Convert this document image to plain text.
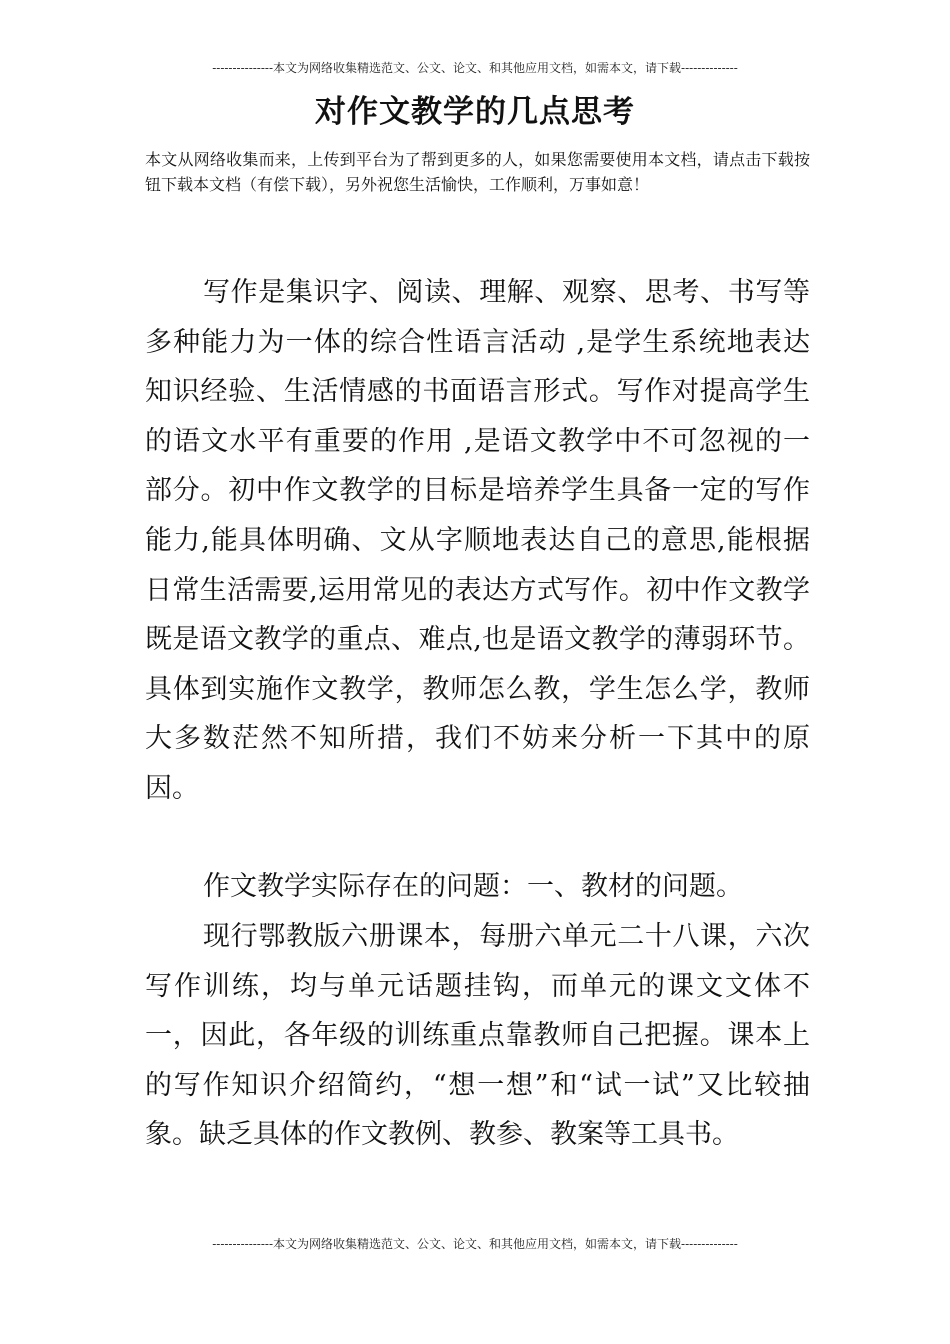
---------------本文为网络收集精选范文、公文、论文、和其他应用文档，如需本文，请下载--------------
对作文教学的几点思考
本文从网络收集而来，上传到平台为了帮到更多的人，如果您需要使用本文档，请点击下载按钮下载本文档（有偿下载），另外祝您生活愉快，工作顺利，万事如意！

写作是集识字、阅读、理解、观察、思考、书写等多种能力为一体的综合性语言活动 ,是学生系统地表达知识经验、生活情感的书面语言形式。写作对提高学生的语文水平有重要的作用 ,是语文教学中不可忽视的一部分。初中作文教学的目标是培养学生具备一定的写作能力,能具体明确、文从字顺地表达自己的意思,能根据日常生活需要,运用常见的表达方式写作。初中作文教学既是语文教学的重点、难点,也是语文教学的薄弱环节。 具体到实施作文教学，教师怎么教，学生怎么学，教师大多数茫然不知所措，我们不妨来分析一下其中的原因。

作文教学实际存在的问题：一、教材的问题。

现行鄂教版六册课本，每册六单元二十八课，六次写作训练，均与单元话题挂钩，而单元的课文文体不一，因此，各年级的训练重点靠教师自己把握。课本上的写作知识介绍简约，“想一想”和“试一试”又比较抽象。缺乏具体的作文教例、教参、教案等工具书。

---------------本文为网络收集精选范文、公文、论文、和其他应用文档，如需本文，请下载--------------
